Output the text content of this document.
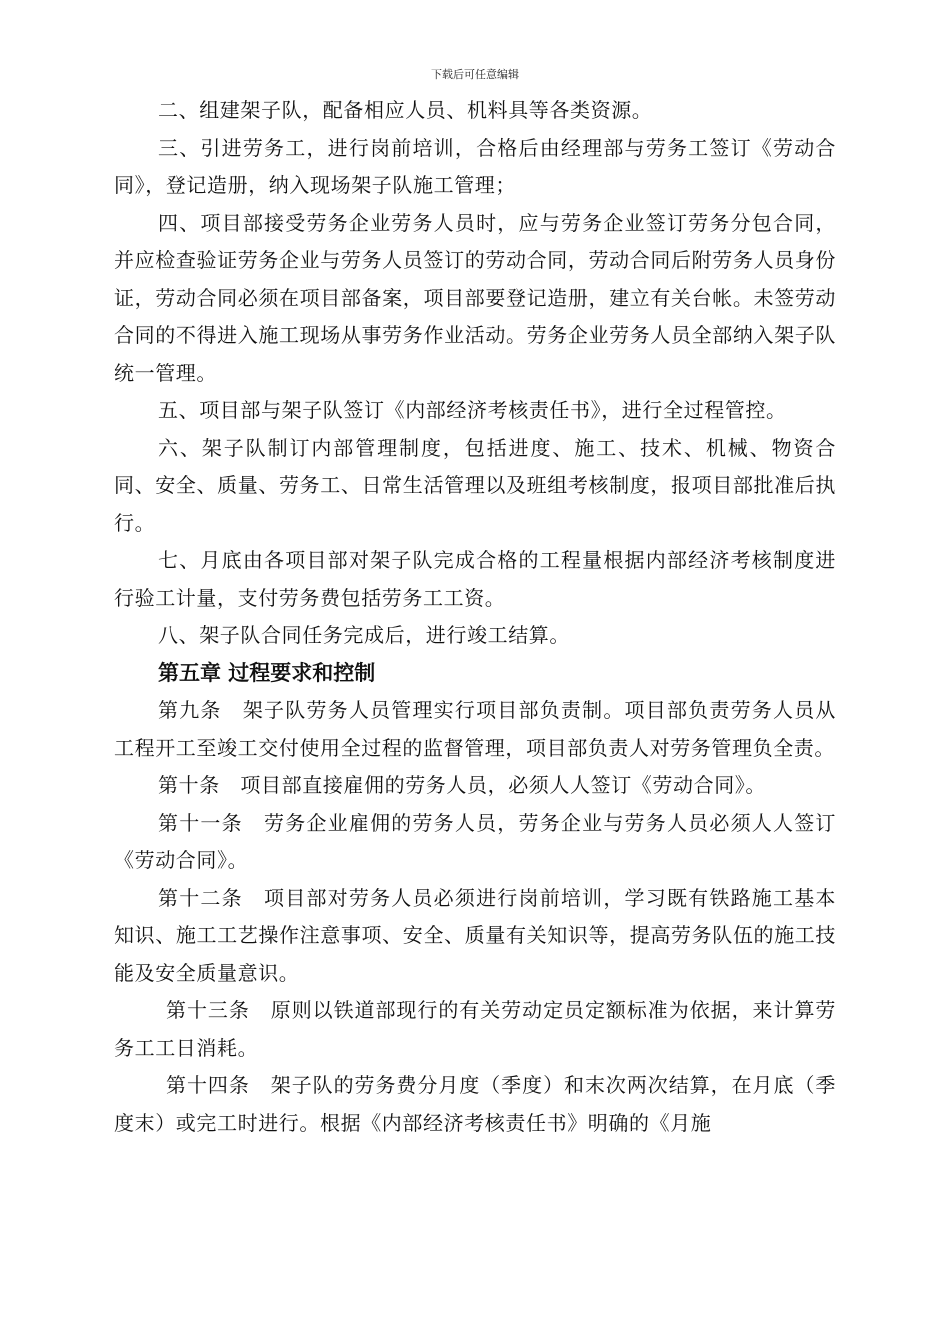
下载后可任意编辑

二、组建架子队，配备相应人员、机料具等各类资源。

三、引进劳务工，进行岗前培训，合格后由经理部与劳务工签订《劳动合同》，登记造册，纳入现场架子队施工管理；

四、项目部接受劳务企业劳务人员时，应与劳务企业签订劳务分包合同，并应检查验证劳务企业与劳务人员签订的劳动合同，劳动合同后附劳务人员身份证，劳动合同必须在项目部备案，项目部要登记造册，建立有关台帐。未签劳动合同的不得进入施工现场从事劳务作业活动。劳务企业劳务人员全部纳入架子队统一管理。

五、项目部与架子队签订《内部经济考核责任书》，进行全过程管控。

六、架子队制订内部管理制度，包括进度、施工、技术、机械、物资合同、安全、质量、劳务工、日常生活管理以及班组考核制度，报项目部批准后执行。

七、月底由各项目部对架子队完成合格的工程量根据内部经济考核制度进行验工计量，支付劳务费包括劳务工工资。

八、架子队合同任务完成后，进行竣工结算。

第五章 过程要求和控制

第九条　架子队劳务人员管理实行项目部负责制。项目部负责劳务人员从工程开工至竣工交付使用全过程的监督管理，项目部负责人对劳务管理负全责。

第十条　项目部直接雇佣的劳务人员，必须人人签订《劳动合同》。

第十一条　劳务企业雇佣的劳务人员，劳务企业与劳务人员必须人人签订《劳动合同》。

第十二条　项目部对劳务人员必须进行岗前培训，学习既有铁路施工基本知识、施工工艺操作注意事项、安全、质量有关知识等，提高劳务队伍的施工技能及安全质量意识。

第十三条　原则以铁道部现行的有关劳动定员定额标准为依据，来计算劳务工工日消耗。

第十四条　架子队的劳务费分月度（季度）和末次两次结算，在月底（季度末）或完工时进行。根据《内部经济考核责任书》明确的《月施
